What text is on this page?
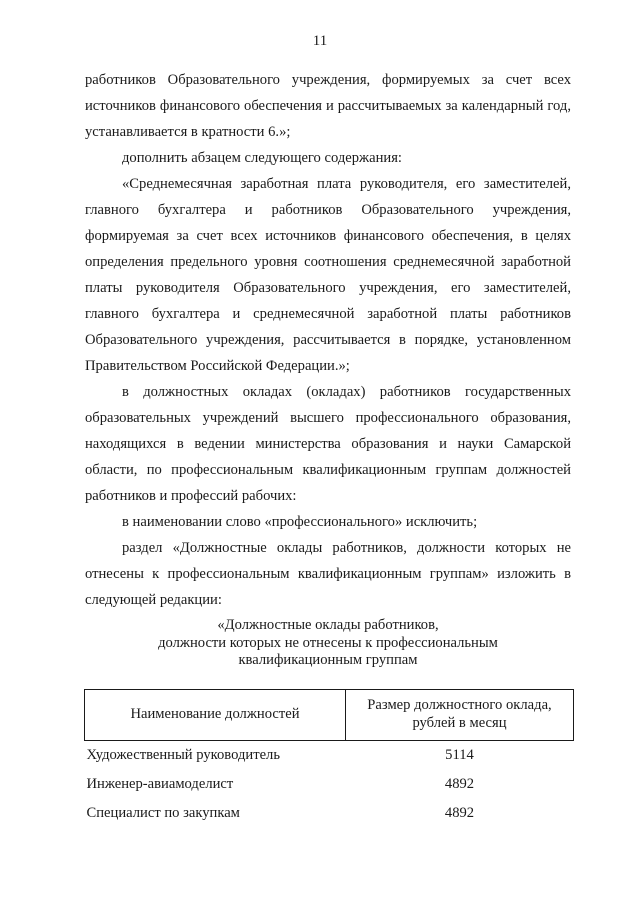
11

работников Образовательного учреждения, формируемых за счет всех источников финансового обеспечения и рассчитываемых за календарный год, устанавливается в кратности 6.»;

дополнить абзацем следующего содержания:

«Среднемесячная заработная плата руководителя, его заместителей, главного бухгалтера и работников Образовательного учреждения, формируемая за счет всех источников финансового обеспечения, в целях определения предельного уровня соотношения среднемесячной заработной платы руководителя Образовательного учреждения, его заместителей, главного бухгалтера и среднемесячной заработной платы работников Образовательного учреждения, рассчитывается в порядке, установленном Правительством Российской Федерации.»;

в должностных окладах (окладах) работников государственных образовательных учреждений высшего профессионального образования, находящихся в ведении министерства образования и науки Самарской области, по профессиональным квалификационным группам должностей работников и профессий рабочих:

в наименовании слово «профессионального» исключить;

раздел «Должностные оклады работников, должности которых не отнесены к профессиональным квалификационным группам» изложить в следующей редакции:

«Должностные оклады работников,
должности которых не отнесены к профессиональным
квалификационным группам
Наименование должностей	Размер должностного оклада, рублей в месяц
Художественный руководитель	5114
Инженер-авиамоделист	4892
Специалист по закупкам	4892
